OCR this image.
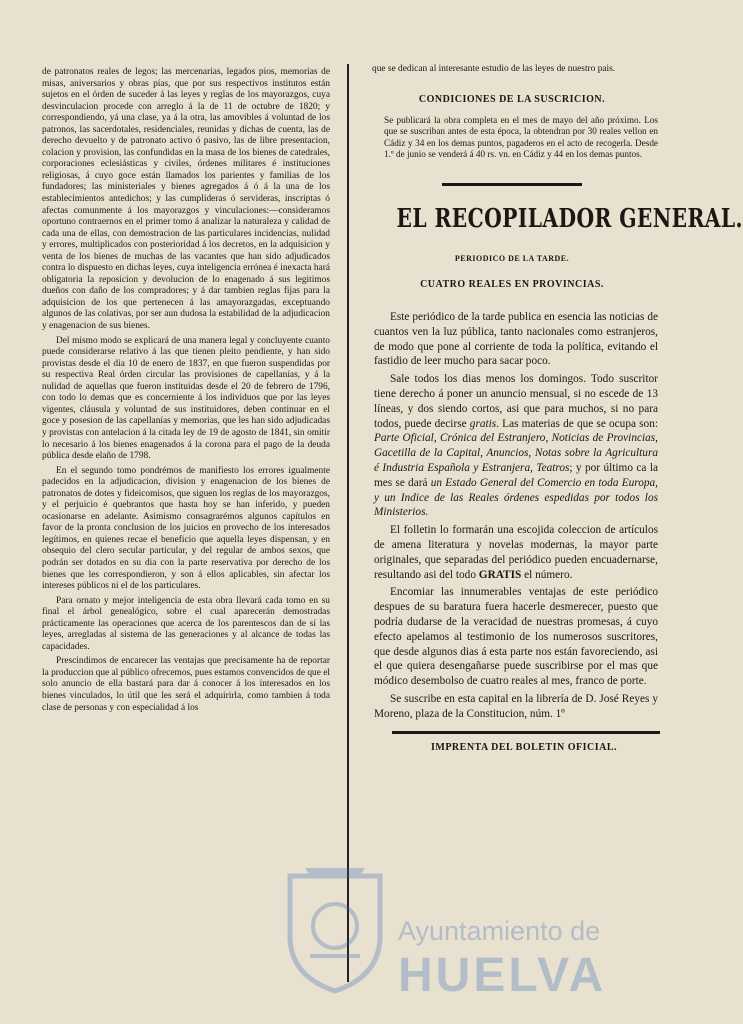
de patronatos reales de legos; las mercenarias, legados pios, memorias de misas, aniversarios y obras pías, que por sus respectivos institutos están sujetos en el órden de suceder á las leyes y reglas de los mayorazgos, cuya desvinculacion procede con arreglo á la de 11 de octubre de 1820; y correspondiendo, yá una clase, ya á la otra, las amovibles á voluntad de los patronos, las sacerdotales, residenciales, reunidas y dichas de cuenta, las de derecho devuelto y de patronato activo ó pasivo, las de libre presentacion, colacion y provision, las confundidas en la masa de los bienes de catedrales, corporaciones eclesiásticas y civiles, órdenes militares é instituciones religiosas, á cuyo goce están llamados los parientes y familias de los fundadores; las ministeriales y bienes agregados á ó á la una de los establecimientos antedichos; y las cumplideras ó servideras, inscriptas ó afectas comunmente á los mayorazgos y vinculaciones:—consideramos oportuno contraernos en el primer tomo á analizar la naturaleza y calidad de cada una de ellas, con demostracion de las particulares incidencias, nulidad y errores, multiplicados con posterioridad á los decretos, en la adquisicion y venta de los bienes de muchas de las vacantes que han sido adjudicados contra lo dispuesto en dichas leyes, cuya inteligencia errónea é inexacta hará obligatoria la reposicion y devolucion de lo enagenado á sus legitimos dueños con daño de los compradores; y á dar tambien reglas fijas para la adquisicion de los que pertenecen á las amayorazgadas, exceptuando algunos de las colativas, por ser aun dudosa la estabilidad de la adjudicacion y enagenacion de sus bienes.

Del mismo modo se explicará de una manera legal y concluyente cuanto puede considerarse relativo á las que tienen pleito pendiente, y han sido provistas desde el dia 10 de enero de 1837, en que fueron suspendidas por su respectiva Real órden circular las provisiones de capellanías, y á la nulidad de aquellas que fueron instituidas desde el 20 de febrero de 1796, con todo lo demas que es concerniente á los individuos que por las leyes vigentes, cláusula y voluntad de sus instituidores, deben continuar en el goce y posesion de las capellanías y memorias, que les han sido adjudicadas y provistas con antelacion á la citada ley de 19 de agosto de 1841, sin omitir lo necesario á los bienes enagenados á la corona para el pago de la deuda pública desde elaño de 1798.

En el segundo tomo pondrémos de manifiesto los errores igualmente padecidos en la adjudicacion, division y enagenacion de los bienes de patronatos de dotes y fideicomisos, que siguen los reglas de los mayorazgos, y el perjuicio é quebrantos que hasta hoy se han inferido, y pueden ocasionarse en adelante. Asimismo consagrarémos algunos capítulos en favor de la pronta conclusion de los juicios en provecho de los interesados legítimos, en quienes recae el beneficio que aquella leyes dispensan, y en obsequio del clero secular particular, y del regular de ambos sexos, que podrán ser dotados en su dia con la parte reservativa por derecho de los bienes que les correspondieron, y son á ellos aplicables, sin afectar los intereses públicos ni el de los particulares.

Para ornato y mejor inteligencia de esta obra llevará cada tomo en su final el árbol genealógico, sobre el cual aparecerán demostradas prácticamente las operaciones que acerca de los parentescos dan de sí las leyes, arregladas al sistema de las generaciones y al alcance de todas las capacidades.

Prescindimos de encarecer las ventajas que precisamente ha de reportar la produccion que al público ofrecemos, pues estamos convencidos de que el solo anuncio de ella bastará para dar á conocer á los interesados en los bienes vinculados, lo útil que les será el adquirirla, como tambien á toda clase de personas y con especialidad á los

que se dedican al interesante estudio de las leyes de nuestro pais.
CONDICIONES DE LA SUSCRICION.
Se publicará la obra completa en el mes de mayo del año próximo. Los que se suscriban antes de esta época, la obtendran por 30 reales vellon en Cádiz y 34 en los demas puntos, pagaderos en el acto de recogerla. Desde 1.º de junio se venderá á 40 rs. vn. en Cádiz y 44 en los demas puntos.
EL RECOPILADOR GENERAL.
PERIODICO DE LA TARDE.
CUATRO REALES EN PROVINCIAS.

Este periódico de la tarde publica en esencia las noticias de cuantos ven la luz pública, tanto nacionales como estranjeros, de modo que pone al corriente de toda la política, evitando el fastidio de leer mucho para sacar poco.

Sale todos los dias menos los domingos. Todo suscritor tiene derecho á poner un anuncio mensual, si no escede de 13 líneas, y dos siendo cortos, asi que para muchos, si no para todos, puede decirse gratis. Las materias de que se ocupa son: Parte Oficial, Crónica del Estranjero, Noticias de Provincias, Gacetilla de la Capital, Anuncios, Notas sobre la Agricultura é Industria Española y Estranjera, Teatros; y por último ca la mes se dará un Estado General del Comercio en toda Europa, y un Indice de las Reales órdenes espedidas por todos los Ministerios.

El folletin lo formarán una escojida coleccion de artículos de amena literatura y novelas modernas, la mayor parte originales, que separadas del periódico pueden encuadernarse, resultando asi del todo GRATIS el número.

Encomiar las innumerables ventajas de este periódico despues de su baratura fuera hacerle desmerecer, puesto que podría dudarse de la veracidad de nuestras promesas, á cuyo efecto apelamos al testimonio de los numerosos suscritores, que desde algunos dias á esta parte nos están favoreciendo, asi el que quiera desengañarse puede suscribirse por el mas que módico desembolso de cuatro reales al mes, franco de porte.

Se suscribe en esta capital en la librería de D. José Reyes y Moreno, plaza de la Constitucion, núm. 1º

IMPRENTA DEL BOLETIN OFICIAL.
Ayuntamiento de
HUELVA
